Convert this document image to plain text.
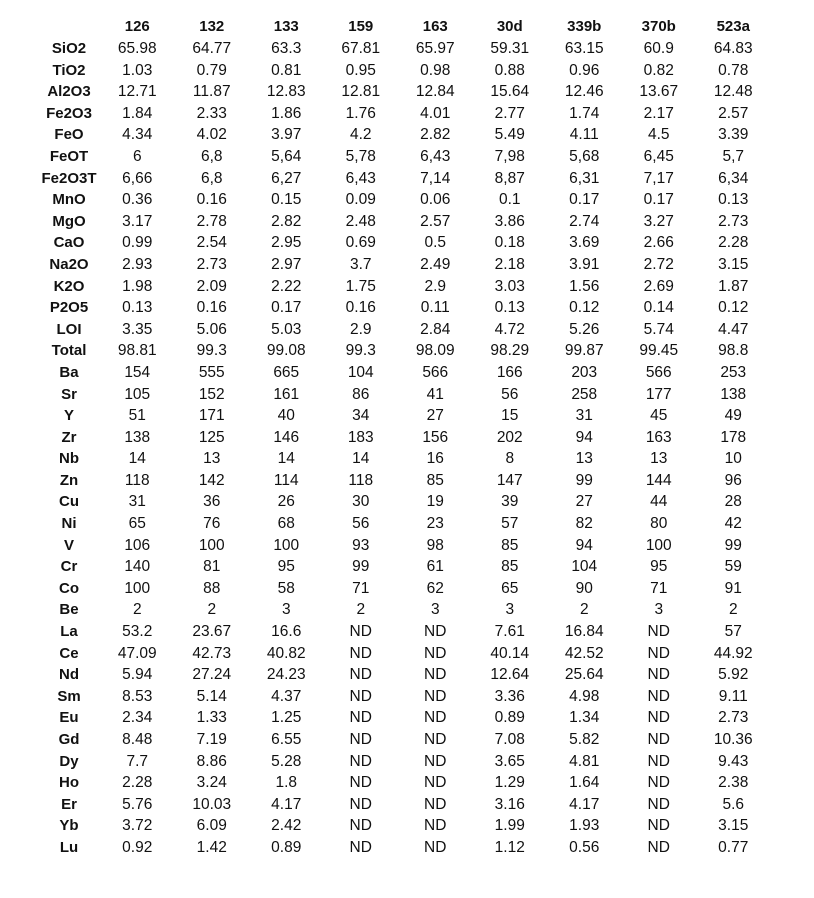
	126	132	133	159	163	30d	339b	370b	523a
SiO2	65.98	64.77	63.3	67.81	65.97	59.31	63.15	60.9	64.83
TiO2	1.03	0.79	0.81	0.95	0.98	0.88	0.96	0.82	0.78
Al2O3	12.71	11.87	12.83	12.81	12.84	15.64	12.46	13.67	12.48
Fe2O3	1.84	2.33	1.86	1.76	4.01	2.77	1.74	2.17	2.57
FeO	4.34	4.02	3.97	4.2	2.82	5.49	4.11	4.5	3.39
FeOT	6	6,8	5,64	5,78	6,43	7,98	5,68	6,45	5,7
Fe2O3T	6,66	6,8	6,27	6,43	7,14	8,87	6,31	7,17	6,34
MnO	0.36	0.16	0.15	0.09	0.06	0.1	0.17	0.17	0.13
MgO	3.17	2.78	2.82	2.48	2.57	3.86	2.74	3.27	2.73
CaO	0.99	2.54	2.95	0.69	0.5	0.18	3.69	2.66	2.28
Na2O	2.93	2.73	2.97	3.7	2.49	2.18	3.91	2.72	3.15
K2O	1.98	2.09	2.22	1.75	2.9	3.03	1.56	2.69	1.87
P2O5	0.13	0.16	0.17	0.16	0.11	0.13	0.12	0.14	0.12
LOI	3.35	5.06	5.03	2.9	2.84	4.72	5.26	5.74	4.47
Total	98.81	99.3	99.08	99.3	98.09	98.29	99.87	99.45	98.8
Ba	154	555	665	104	566	166	203	566	253
Sr	105	152	161	86	41	56	258	177	138
Y	51	171	40	34	27	15	31	45	49
Zr	138	125	146	183	156	202	94	163	178
Nb	14	13	14	14	16	8	13	13	10
Zn	118	142	114	118	85	147	99	144	96
Cu	31	36	26	30	19	39	27	44	28
Ni	65	76	68	56	23	57	82	80	42
V	106	100	100	93	98	85	94	100	99
Cr	140	81	95	99	61	85	104	95	59
Co	100	88	58	71	62	65	90	71	91
Be	2	2	3	2	3	3	2	3	2
La	53.2	23.67	16.6	ND	ND	7.61	16.84	ND	57
Ce	47.09	42.73	40.82	ND	ND	40.14	42.52	ND	44.92
Nd	5.94	27.24	24.23	ND	ND	12.64	25.64	ND	5.92
Sm	8.53	5.14	4.37	ND	ND	3.36	4.98	ND	9.11
Eu	2.34	1.33	1.25	ND	ND	0.89	1.34	ND	2.73
Gd	8.48	7.19	6.55	ND	ND	7.08	5.82	ND	10.36
Dy	7.7	8.86	5.28	ND	ND	3.65	4.81	ND	9.43
Ho	2.28	3.24	1.8	ND	ND	1.29	1.64	ND	2.38
Er	5.76	10.03	4.17	ND	ND	3.16	4.17	ND	5.6
Yb	3.72	6.09	2.42	ND	ND	1.99	1.93	ND	3.15
Lu	0.92	1.42	0.89	ND	ND	1.12	0.56	ND	0.77
